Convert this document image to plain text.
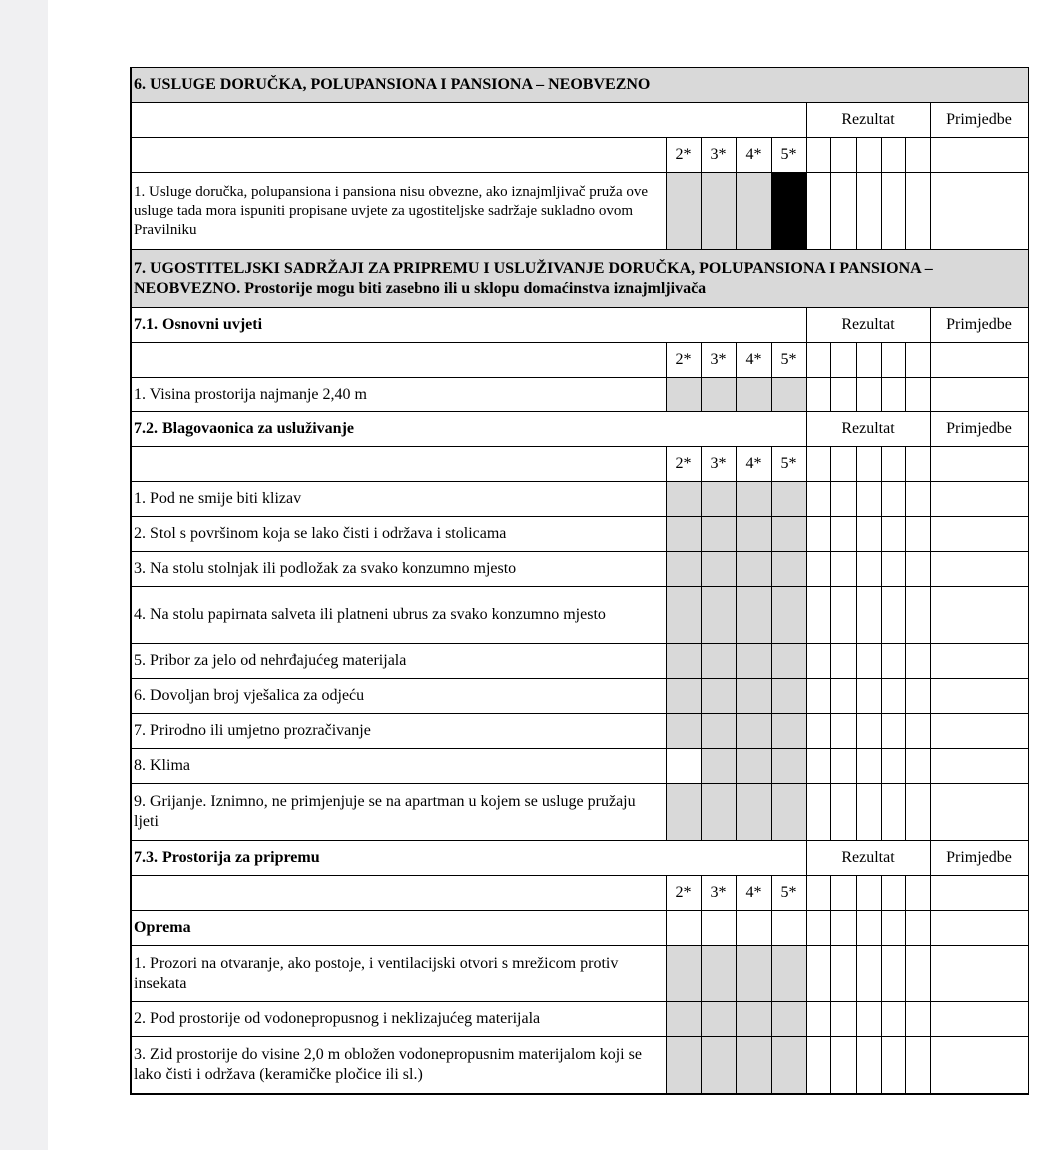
6. USLUGE DORUČKA, POLUPANSIONA I PANSIONA – NEOBVEZNO										
					Rezultat					Primjedbe
	2*	3*	4*	5*						
1. Usluge doručka, polupansiona i pansiona nisu obvezne, ako iznajmljivač pruža ove usluge tada mora ispuniti propisane uvjete za ugostiteljske sadržaje sukladno ovom Pravilniku										
7. UGOSTITELJSKI SADRŽAJI ZA PRIPREMU I USLUŽIVANJE DORUČKA, POLUPANSIONA I PANSIONA – NEOBVEZNO. Prostorije mogu biti zasebno ili u sklopu domaćinstva iznajmljivača										
7.1. Osnovni uvjeti					Rezultat					Primjedbe
	2*	3*	4*	5*						
1. Visina prostorija najmanje 2,40 m										
7.2. Blagovaonica za usluživanje					Rezultat					Primjedbe
	2*	3*	4*	5*						
1. Pod ne smije biti klizav										
2. Stol s površinom koja se lako čisti i održava i stolicama										
3. Na stolu stolnjak ili podložak za svako konzumno mjesto										
4. Na stolu papirnata salveta ili platneni ubrus za svako konzumno mjesto										
5. Pribor za jelo od nehrđajućeg materijala										
6. Dovoljan broj vješalica za odjeću										
7. Prirodno ili umjetno prozračivanje										
8. Klima										
9. Grijanje. Iznimno, ne primjenjuje se na apartman u kojem se usluge pružaju ljeti										
7.3. Prostorija za pripremu					Rezultat					Primjedbe
	2*	3*	4*	5*						
Oprema										
1. Prozori na otvaranje, ako postoje, i ventilacijski otvori s mrežicom protiv insekata										
2. Pod prostorije od vodonepropusnog i neklizajućeg materijala										
3. Zid prostorije do visine 2,0 m obložen vodonepropusnim materijalom koji se lako čisti i održava (keramičke pločice ili sl.)										
